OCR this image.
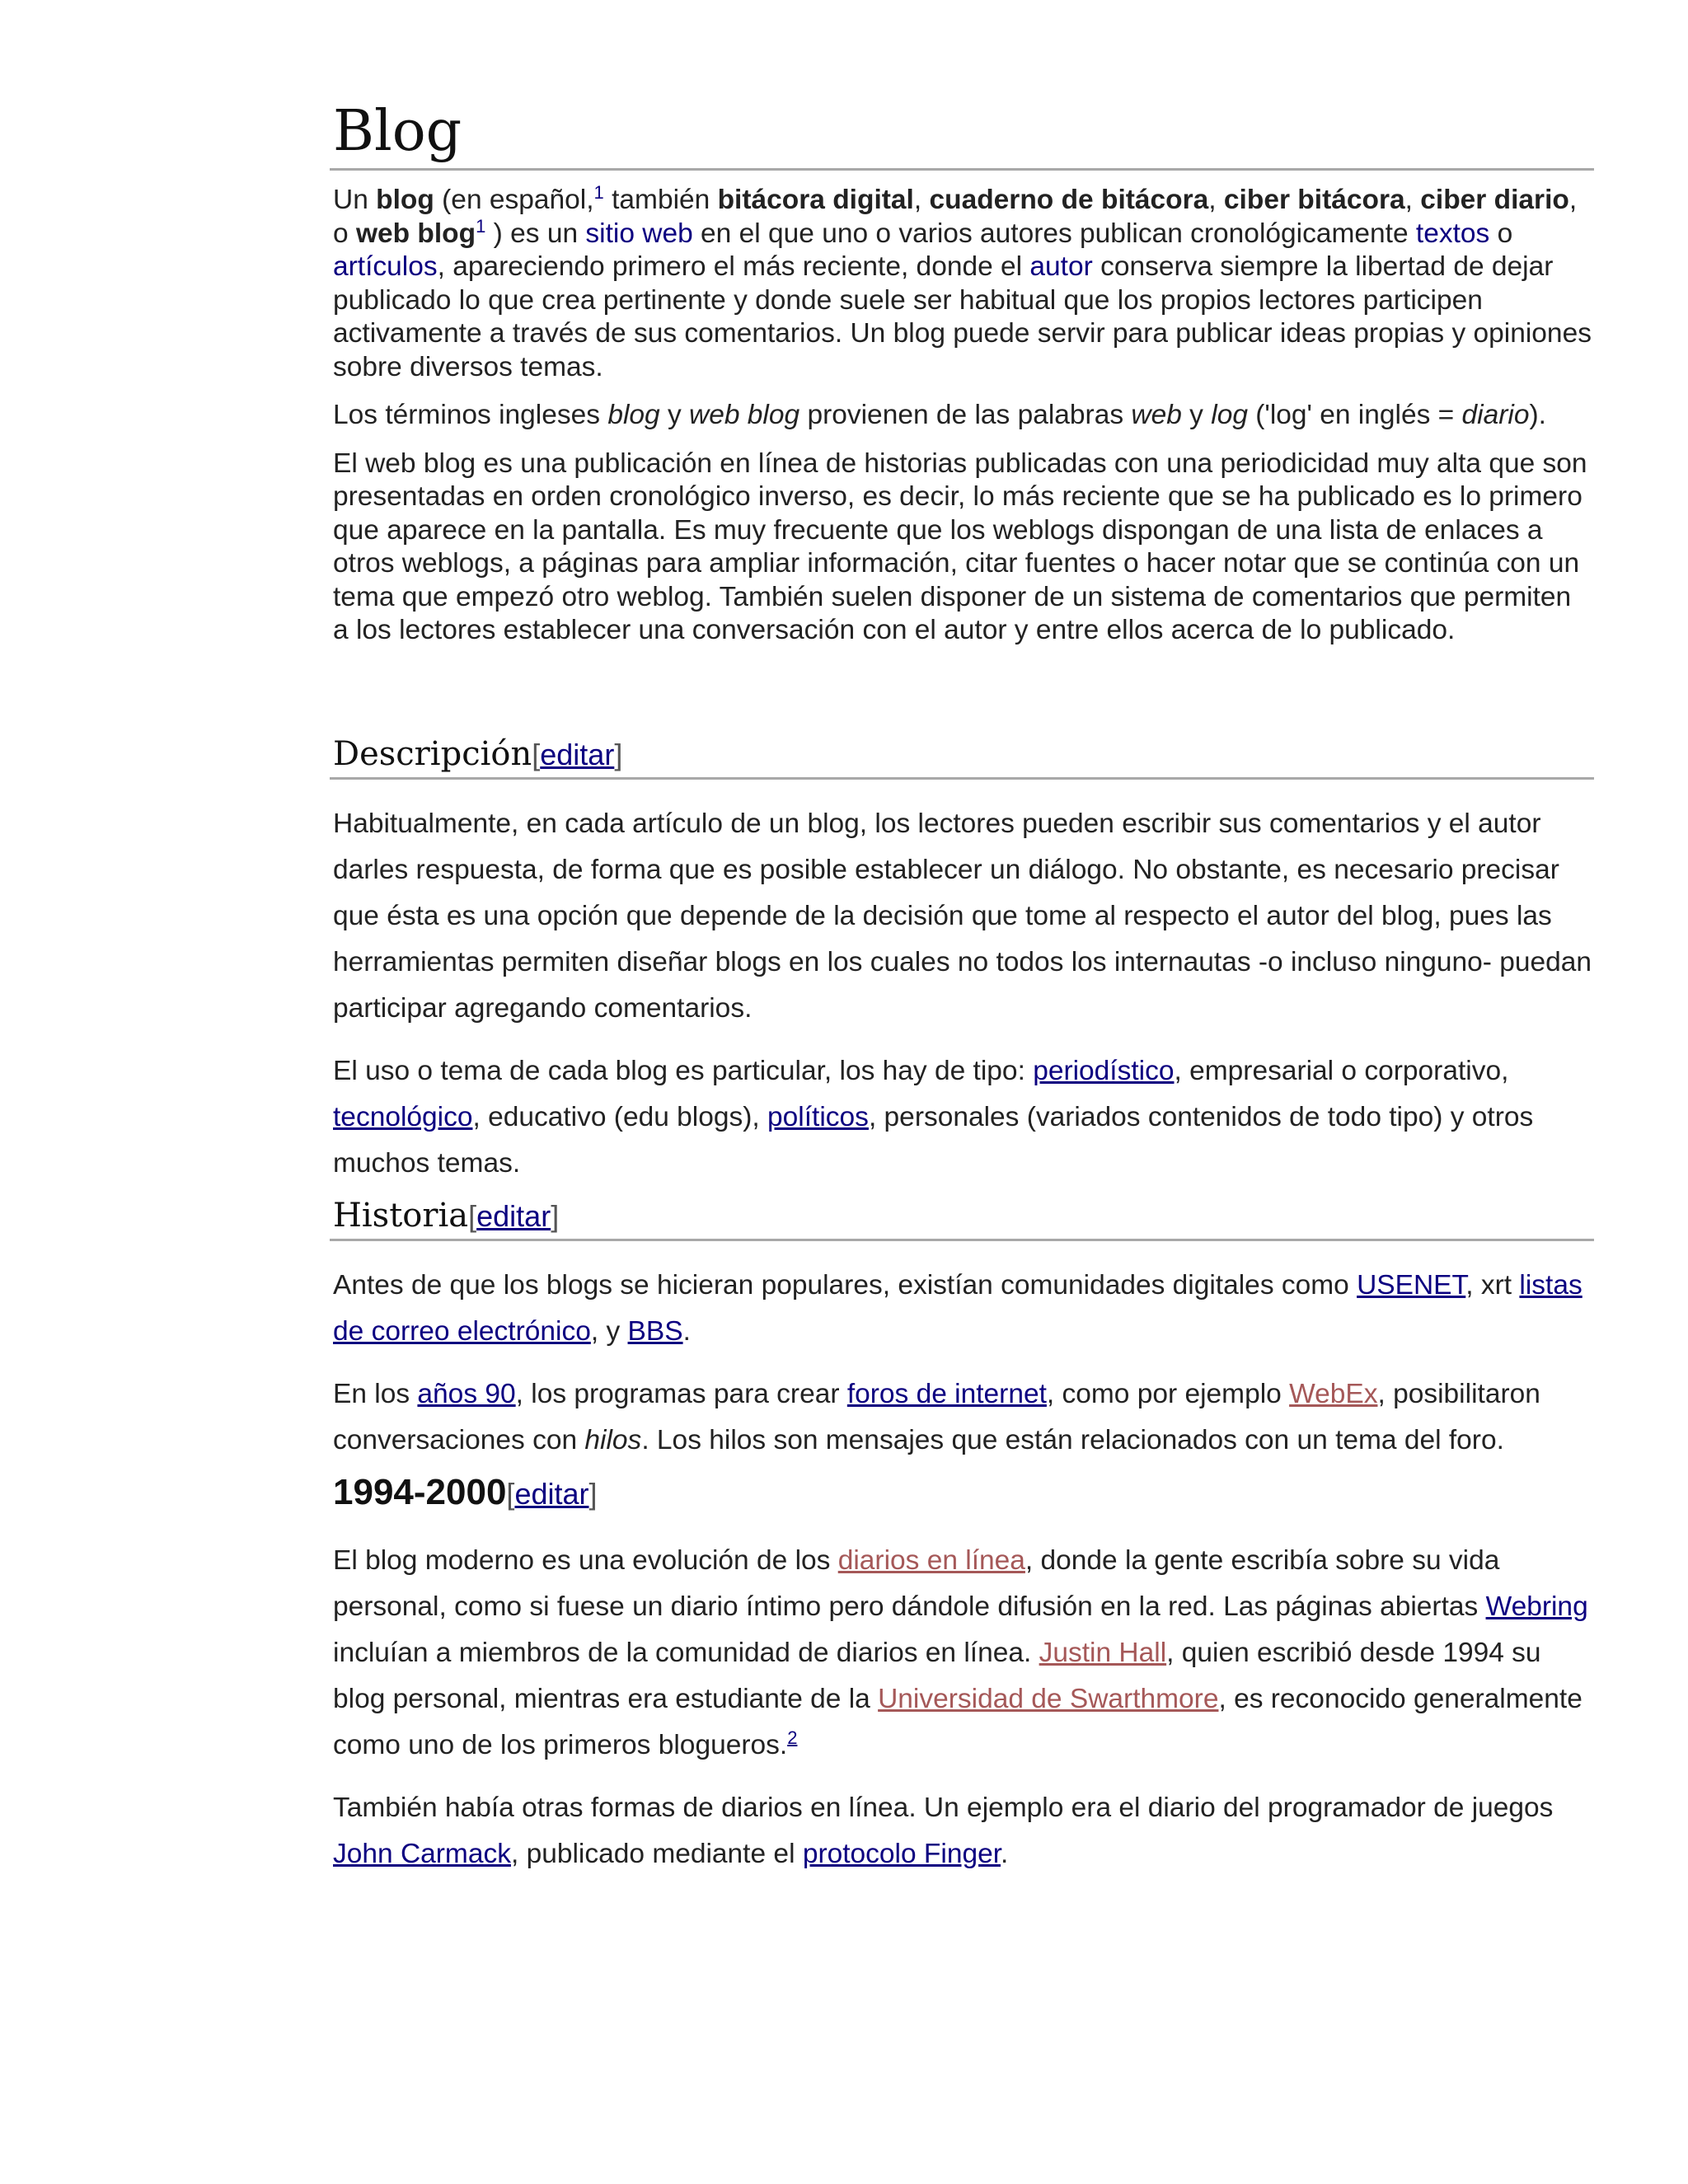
Blog

Un blog (en español,$^1$ también bitácora digital, cuaderno de bitácora, ciber bitácora, ciber diario, o web blog$^1$ ) es un sitio web en el que uno o varios autores publican cronológicamente textos o artículos, apareciendo primero el más reciente, donde el autor conserva siempre la libertad de dejar publicado lo que crea pertinente y donde suele ser habitual que los propios lectores participen activamente a través de sus comentarios. Un blog puede servir para publicar ideas propias y opiniones sobre diversos temas.

Los términos ingleses blog y web blog provienen de las palabras web y log ('log' en inglés = diario).

El web blog es una publicación en línea de historias publicadas con una periodicidad muy alta que son presentadas en orden cronológico inverso, es decir, lo más reciente que se ha publicado es lo primero que aparece en la pantalla. Es muy frecuente que los weblogs dispongan de una lista de enlaces a otros weblogs, a páginas para ampliar información, citar fuentes o hacer notar que se continúa con un tema que empezó otro weblog. También suelen disponer de un sistema de comentarios que permiten a los lectores establecer una conversación con el autor y entre ellos acerca de lo publicado.

Descripción[editar]

Habitualmente, en cada artículo de un blog, los lectores pueden escribir sus comentarios y el autor darles respuesta, de forma que es posible establecer un diálogo. No obstante, es necesario precisar que ésta es una opción que depende de la decisión que tome al respecto el autor del blog, pues las herramientas permiten diseñar blogs en los cuales no todos los internautas -o incluso ninguno- puedan participar agregando comentarios.

El uso o tema de cada blog es particular, los hay de tipo: periodístico, empresarial o corporativo, tecnológico, educativo (edu blogs), políticos, personales (variados contenidos de todo tipo) y otros muchos temas.

Historia[editar]

Antes de que los blogs se hicieran populares, existían comunidades digitales como USENET, xrt listas de correo electrónico, y BBS.

En los años 90, los programas para crear foros de internet, como por ejemplo WebEx, posibilitaron conversaciones con hilos. Los hilos son mensajes que están relacionados con un tema del foro.

1994-2000[editar]

El blog moderno es una evolución de los diarios en línea, donde la gente escribía sobre su vida personal, como si fuese un diario íntimo pero dándole difusión en la red. Las páginas abiertas Webring incluían a miembros de la comunidad de diarios en línea. Justin Hall, quien escribió desde 1994 su blog personal, mientras era estudiante de la Universidad de Swarthmore, es reconocido generalmente como uno de los primeros blogueros.$^2$

También había otras formas de diarios en línea. Un ejemplo era el diario del programador de juegos John Carmack, publicado mediante el protocolo Finger.
